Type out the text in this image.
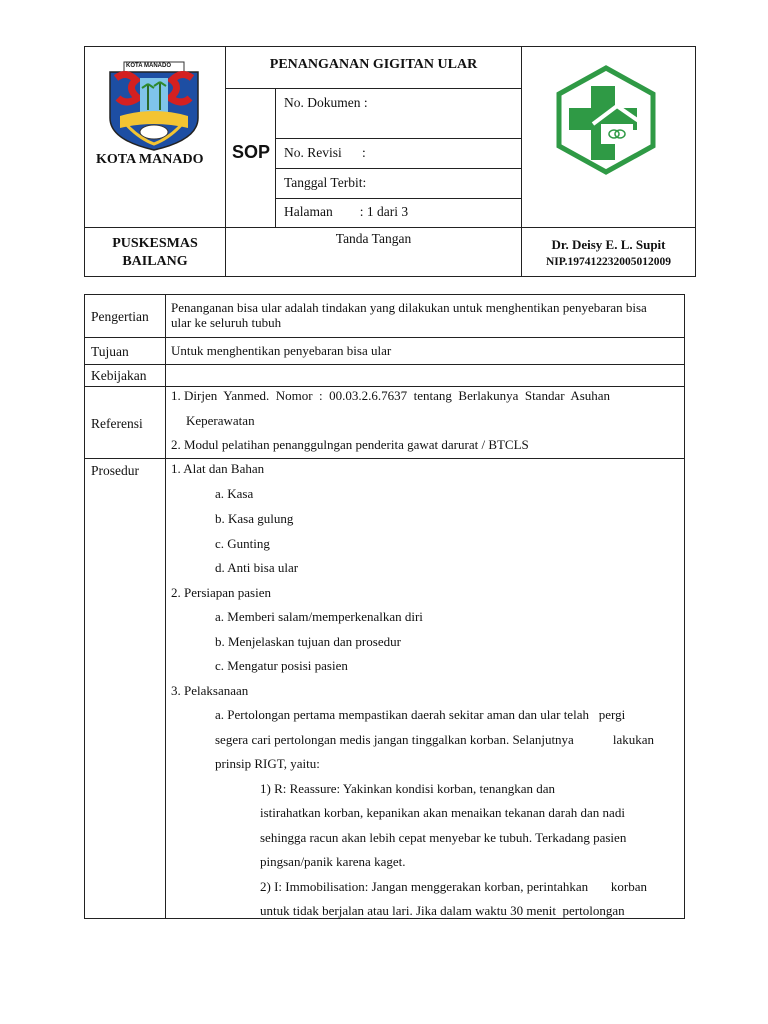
KOTA MANADO
KOTA MANADO
PENANGANAN GIGITAN ULAR
SOP
No. Dokumen :
No. Revisi      :
Tanggal Terbit:
Halaman        : 1 dari 3
PUSKESMAS
BAILANG
Tanda Tangan	Dr. Deisy E. L. Supit
NIP.197412232005012009
Pengertian
Penanganan bisa ular adalah tindakan yang dilakukan untuk menghentikan penyebaran bisa
ular ke seluruh tubuh
Tujuan	Untuk menghentikan penyebaran bisa ular
Kebijakan
Referensi
1. Dirjen  Yanmed.  Nomor  :  00.03.2.6.7637  tentang  Berlakunya  Standar  Asuhan
Keperawatan
2. Modul pelatihan penanggulngan penderita gawat darurat / BTCLS
Prosedur 1. Alat dan Bahan
a. Kasa
b. Kasa gulung
c. Gunting
d. Anti bisa ular
2. Persiapan pasien
a. Memberi salam/memperkenalkan diri
b. Menjelaskan tujuan dan prosedur
c. Mengatur posisi pasien
3. Pelaksanaan
a. Pertolongan pertama mempastikan daerah sekitar aman dan ular telah   pergi
segera cari pertolongan medis jangan tinggalkan korban. Selanjutnya            lakukan
prinsip RIGT, yaitu:
1) R: Reassure: Yakinkan kondisi korban, tenangkan dan
istirahatkan korban, kepanikan akan menaikan tekanan darah dan nadi
sehingga racun akan lebih cepat menyebar ke tubuh. Terkadang pasien
pingsan/panik karena kaget.
2) I: Immobilisation: Jangan menggerakan korban, perintahkan       korban
untuk tidak berjalan atau lari. Jika dalam waktu 30 menit  pertolongan
